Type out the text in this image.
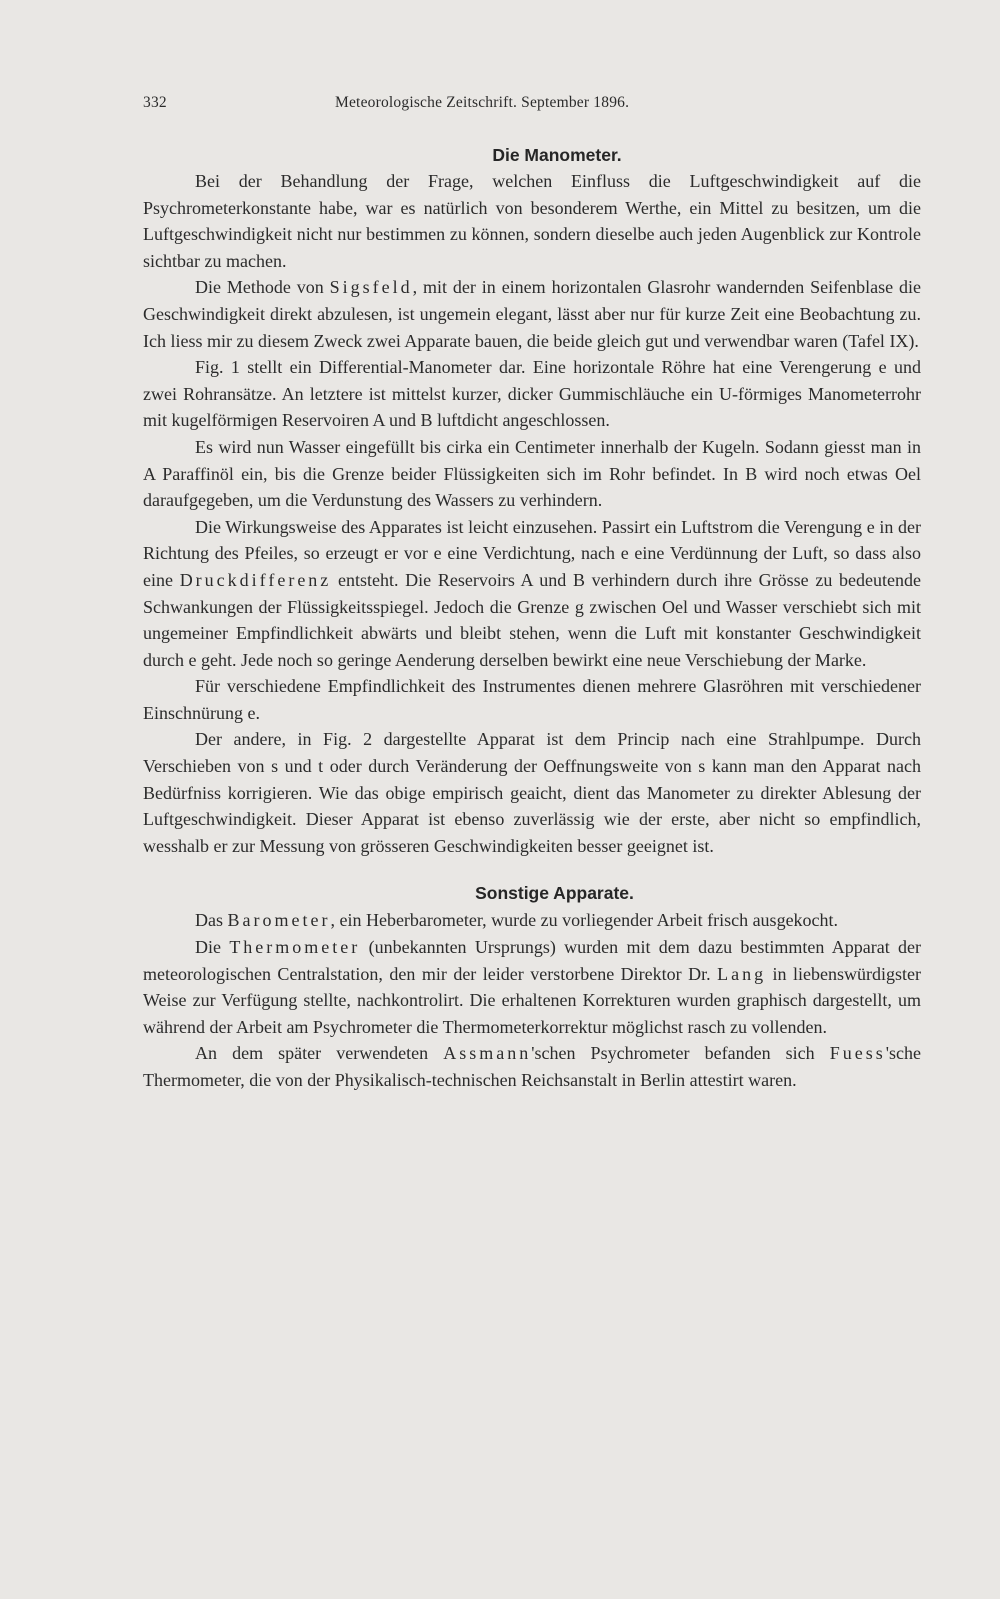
332	Meteorologische Zeitschrift. September 1896.
Die Manometer.

Bei der Behandlung der Frage, welchen Einfluss die Luftgeschwindigkeit auf die Psychrometerkonstante habe, war es natürlich von besonderem Werthe, ein Mittel zu besitzen, um die Luftgeschwindigkeit nicht nur bestimmen zu können, sondern dieselbe auch jeden Augenblick zur Kontrole sichtbar zu machen.

Die Methode von Sigsfeld, mit der in einem horizontalen Glasrohr wandernden Seifenblase die Geschwindigkeit direkt abzulesen, ist ungemein elegant, lässt aber nur für kurze Zeit eine Beobachtung zu. Ich liess mir zu diesem Zweck zwei Apparate bauen, die beide gleich gut und verwendbar waren (Tafel IX).

Fig. 1 stellt ein Differential-Manometer dar. Eine horizontale Röhre hat eine Verengerung e und zwei Rohransätze. An letztere ist mittelst kurzer, dicker Gummischläuche ein U-förmiges Manometerrohr mit kugelförmigen Reservoiren A und B luftdicht angeschlossen.

Es wird nun Wasser eingefüllt bis cirka ein Centimeter innerhalb der Kugeln. Sodann giesst man in A Paraffinöl ein, bis die Grenze beider Flüssigkeiten sich im Rohr befindet. In B wird noch etwas Oel daraufgegeben, um die Verdunstung des Wassers zu verhindern.

Die Wirkungsweise des Apparates ist leicht einzusehen. Passirt ein Luftstrom die Verengung e in der Richtung des Pfeiles, so erzeugt er vor e eine Verdichtung, nach e eine Verdünnung der Luft, so dass also eine Druckdifferenz entsteht. Die Reservoirs A und B verhindern durch ihre Grösse zu bedeutende Schwankungen der Flüssigkeitsspiegel. Jedoch die Grenze g zwischen Oel und Wasser verschiebt sich mit ungemeiner Empfindlichkeit abwärts und bleibt stehen, wenn die Luft mit konstanter Geschwindigkeit durch e geht. Jede noch so geringe Aenderung derselben bewirkt eine neue Verschiebung der Marke.

Für verschiedene Empfindlichkeit des Instrumentes dienen mehrere Glasröhren mit verschiedener Einschnürung e.

Der andere, in Fig. 2 dargestellte Apparat ist dem Princip nach eine Strahlpumpe. Durch Verschieben von s und t oder durch Veränderung der Oeffnungsweite von s kann man den Apparat nach Bedürfniss korrigieren. Wie das obige empirisch geaicht, dient das Manometer zu direkter Ablesung der Luftgeschwindigkeit. Dieser Apparat ist ebenso zuverlässig wie der erste, aber nicht so empfindlich, wesshalb er zur Messung von grösseren Geschwindigkeiten besser geeignet ist.

Sonstige Apparate.

Das Barometer, ein Heberbarometer, wurde zu vorliegender Arbeit frisch ausgekocht.

Die Thermometer (unbekannten Ursprungs) wurden mit dem dazu bestimmten Apparat der meteorologischen Centralstation, den mir der leider verstorbene Direktor Dr. Lang in liebenswürdigster Weise zur Verfügung stellte, nachkontrolirt. Die erhaltenen Korrekturen wurden graphisch dargestellt, um während der Arbeit am Psychrometer die Thermometerkorrektur möglichst rasch zu vollenden.

An dem später verwendeten Assmann'schen Psychrometer befanden sich Fuess'sche Thermometer, die von der Physikalisch-technischen Reichsanstalt in Berlin attestirt waren.
